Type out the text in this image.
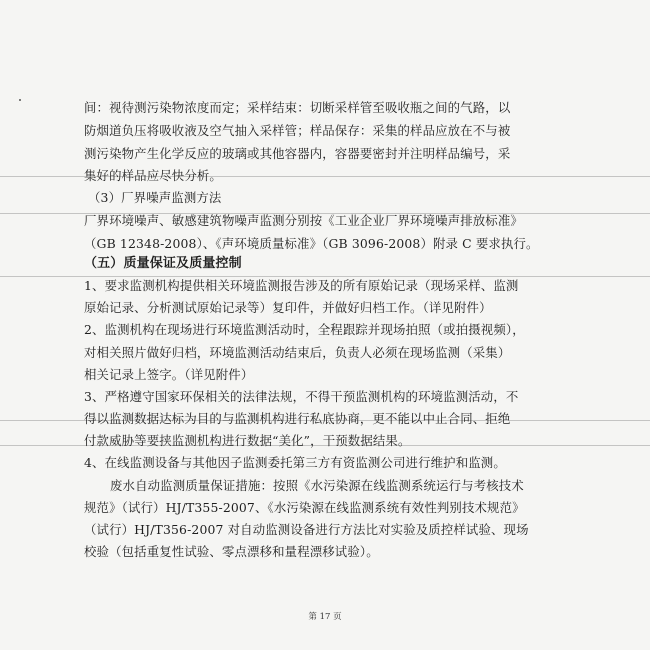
间：视待测污染物浓度而定；采样结束：切断采样管至吸收瓶之间的气路，以
防烟道负压将吸收液及空气抽入采样管；样品保存：采集的样品应放在不与被
测污染物产生化学反应的玻璃或其他容器内，容器要密封并注明样品编号，采
集好的样品应尽快分析。
（3）厂界噪声监测方法
厂界环境噪声、敏感建筑物噪声监测分别按《工业企业厂界环境噪声排放标准》
（GB 12348-2008）、《声环境质量标准》（GB 3096-2008）附录 C 要求执行。
（五）质量保证及质量控制
1、要求监测机构提供相关环境监测报告涉及的所有原始记录（现场采样、监测
原始记录、分析测试原始记录等）复印件，并做好归档工作。（详见附件）
2、监测机构在现场进行环境监测活动时，全程跟踪并现场拍照（或拍摄视频），
对相关照片做好归档，环境监测活动结束后，负责人必须在现场监测（采集）
相关记录上签字。（详见附件）
3、严格遵守国家环保相关的法律法规，不得干预监测机构的环境监测活动，不
得以监测数据达标为目的与监测机构进行私底协商，更不能以中止合同、拒绝
付款威胁等要挟监测机构进行数据“美化”，干预数据结果。
4、在线监测设备与其他因子监测委托第三方有资监测公司进行维护和监测。
废水自动监测质量保证措施：按照《水污染源在线监测系统运行与考核技术
规范》（试行）HJ/T355-2007、《水污染源在线监测系统有效性判别技术规范》
（试行）HJ/T356-2007 对自动监测设备进行方法比对实验及质控样试验、现场
校验（包括重复性试验、零点漂移和量程漂移试验）。
第 17 页
